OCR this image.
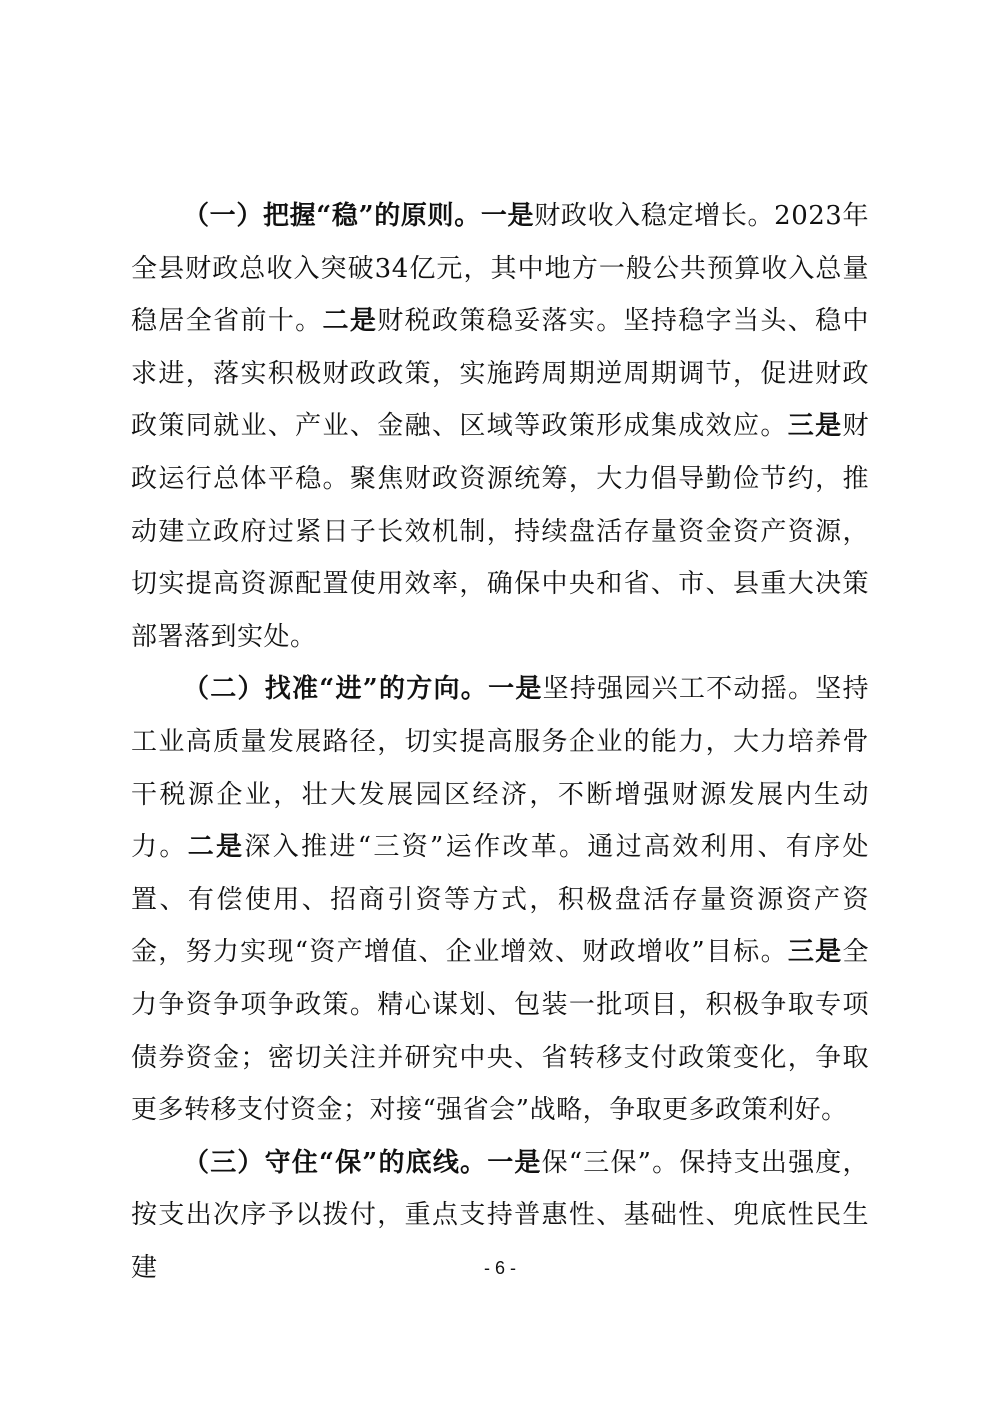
（一）把握“稳”的原则。一是财政收入稳定增长。2023年全县财政总收入突破34亿元，其中地方一般公共预算收入总量稳居全省前十。二是财税政策稳妥落实。坚持稳字当头、稳中求进，落实积极财政政策，实施跨周期逆周期调节，促进财政政策同就业、产业、金融、区域等政策形成集成效应。三是财政运行总体平稳。聚焦财政资源统筹，大力倡导勤俭节约，推动建立政府过紧日子长效机制，持续盘活存量资金资产资源，切实提高资源配置使用效率，确保中央和省、市、县重大决策部署落到实处。

（二）找准“进”的方向。一是坚持强园兴工不动摇。坚持工业高质量发展路径，切实提高服务企业的能力，大力培养骨干税源企业，壮大发展园区经济，不断增强财源发展内生动力。二是深入推进“三资”运作改革。通过高效利用、有序处置、有偿使用、招商引资等方式，积极盘活存量资源资产资金，努力实现“资产增值、企业增效、财政增收”目标。三是全力争资争项争政策。精心谋划、包装一批项目，积极争取专项债券资金；密切关注并研究中央、省转移支付政策变化，争取更多转移支付资金；对接“强省会”战略，争取更多政策利好。

（三）守住“保”的底线。一是保“三保”。保持支出强度，按支出次序予以拨付，重点支持普惠性、基础性、兜底性民生建	- 6 -
